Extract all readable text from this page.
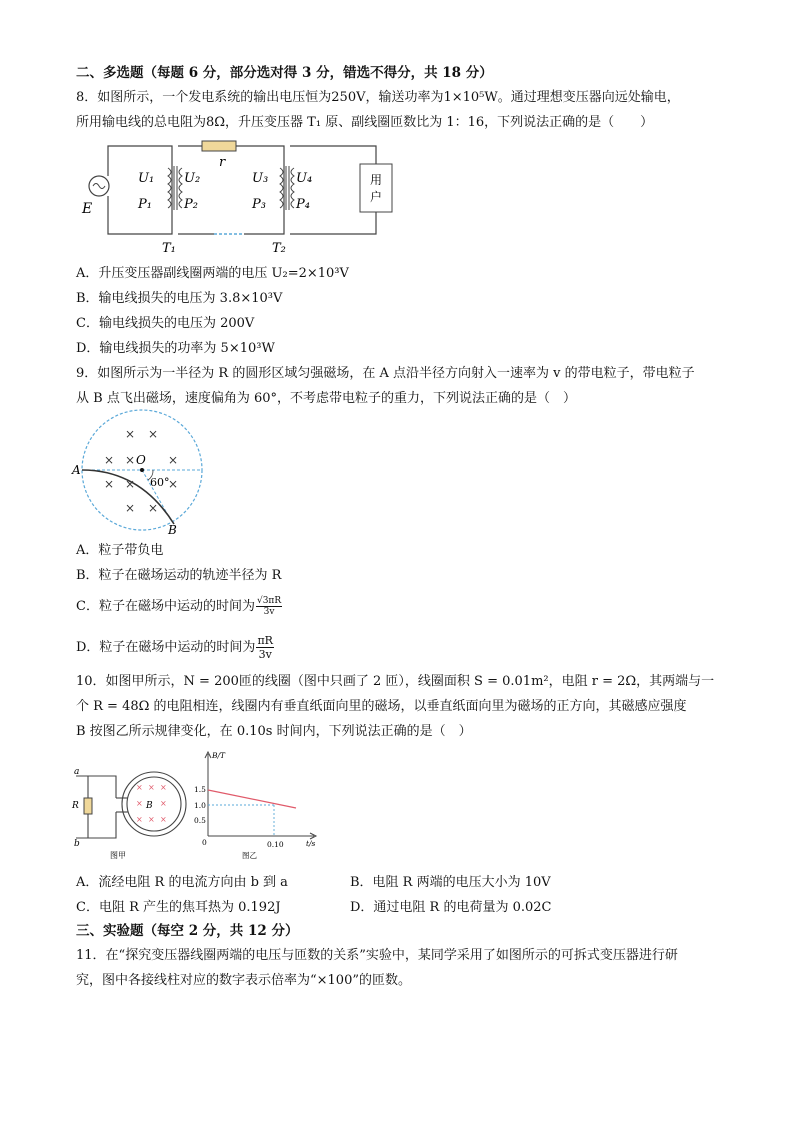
二、多选题（每题 6 分，部分选对得 3 分，错选不得分，共 18 分）
8．如图所示，一个发电系统的输出电压恒为250V，输送功率为1×10⁵W。通过理想变压器向远处输电，
所用输电线的总电阻为8Ω，升压变压器 T₁ 原、副线圈匝数比为 1：16，下列说法正确的是（　　）
用
户
E
r
U₁
P₁
U₂
P₂
U₃
P₃
U₄
P₄
T₁	T₂
A．升压变压器副线圈两端的电压 U₂=2×10³V
B．输电线损失的电压为 3.8×10³V
C．输电线损失的电压为 200V
D．输电线损失的功率为 5×10³W
9．如图所示为一半径为 R 的圆形区域匀强磁场，在 A 点沿半径方向射入一速率为 v 的带电粒子，带电粒子
从 B 点飞出磁场，速度偏角为 60°，不考虑带电粒子的重力，下列说法正确的是（　）
× ×
× ×	×
× ×	×
× ×
A
B
O
60°
A．粒子带负电
B．粒子在磁场运动的轨迹半径为 R
C．粒子在磁场中运动的时间为 $\frac{√3\pi R}{3v}$
D．粒子在磁场中运动的时间为 $\frac{\pi R}{3v}$
10．如图甲所示，N = 200匝的线圈（图中只画了 2 匝），线圈面积 S = 0.01m²，电阻 r = 2Ω，其两端与一
个 R = 48Ω 的电阻相连，线圈内有垂直纸面向里的磁场，以垂直纸面向里为磁场的正方向，其磁感应强度
B 按图乙所示规律变化，在 0.10s 时间内，下列说法正确的是（　）
× × ×
× ×
× × ×
B
a
b
R
图甲
B/T
t/s
1.5
1.0
0.5
0	0.10
图乙
A．流经电阻 R 的电流方向由 b 到 a	B．电阻 R 两端的电压大小为 10V
C．电阻 R 产生的焦耳热为 0.192J	D．通过电阻 R 的电荷量为 0.02C
三、实验题（每空 2 分，共 12 分）
11．在“探究变压器线圈两端的电压与匝数的关系”实验中，某同学采用了如图所示的可拆式变压器进行研
究，图中各接线柱对应的数字表示倍率为“×100”的匝数。
